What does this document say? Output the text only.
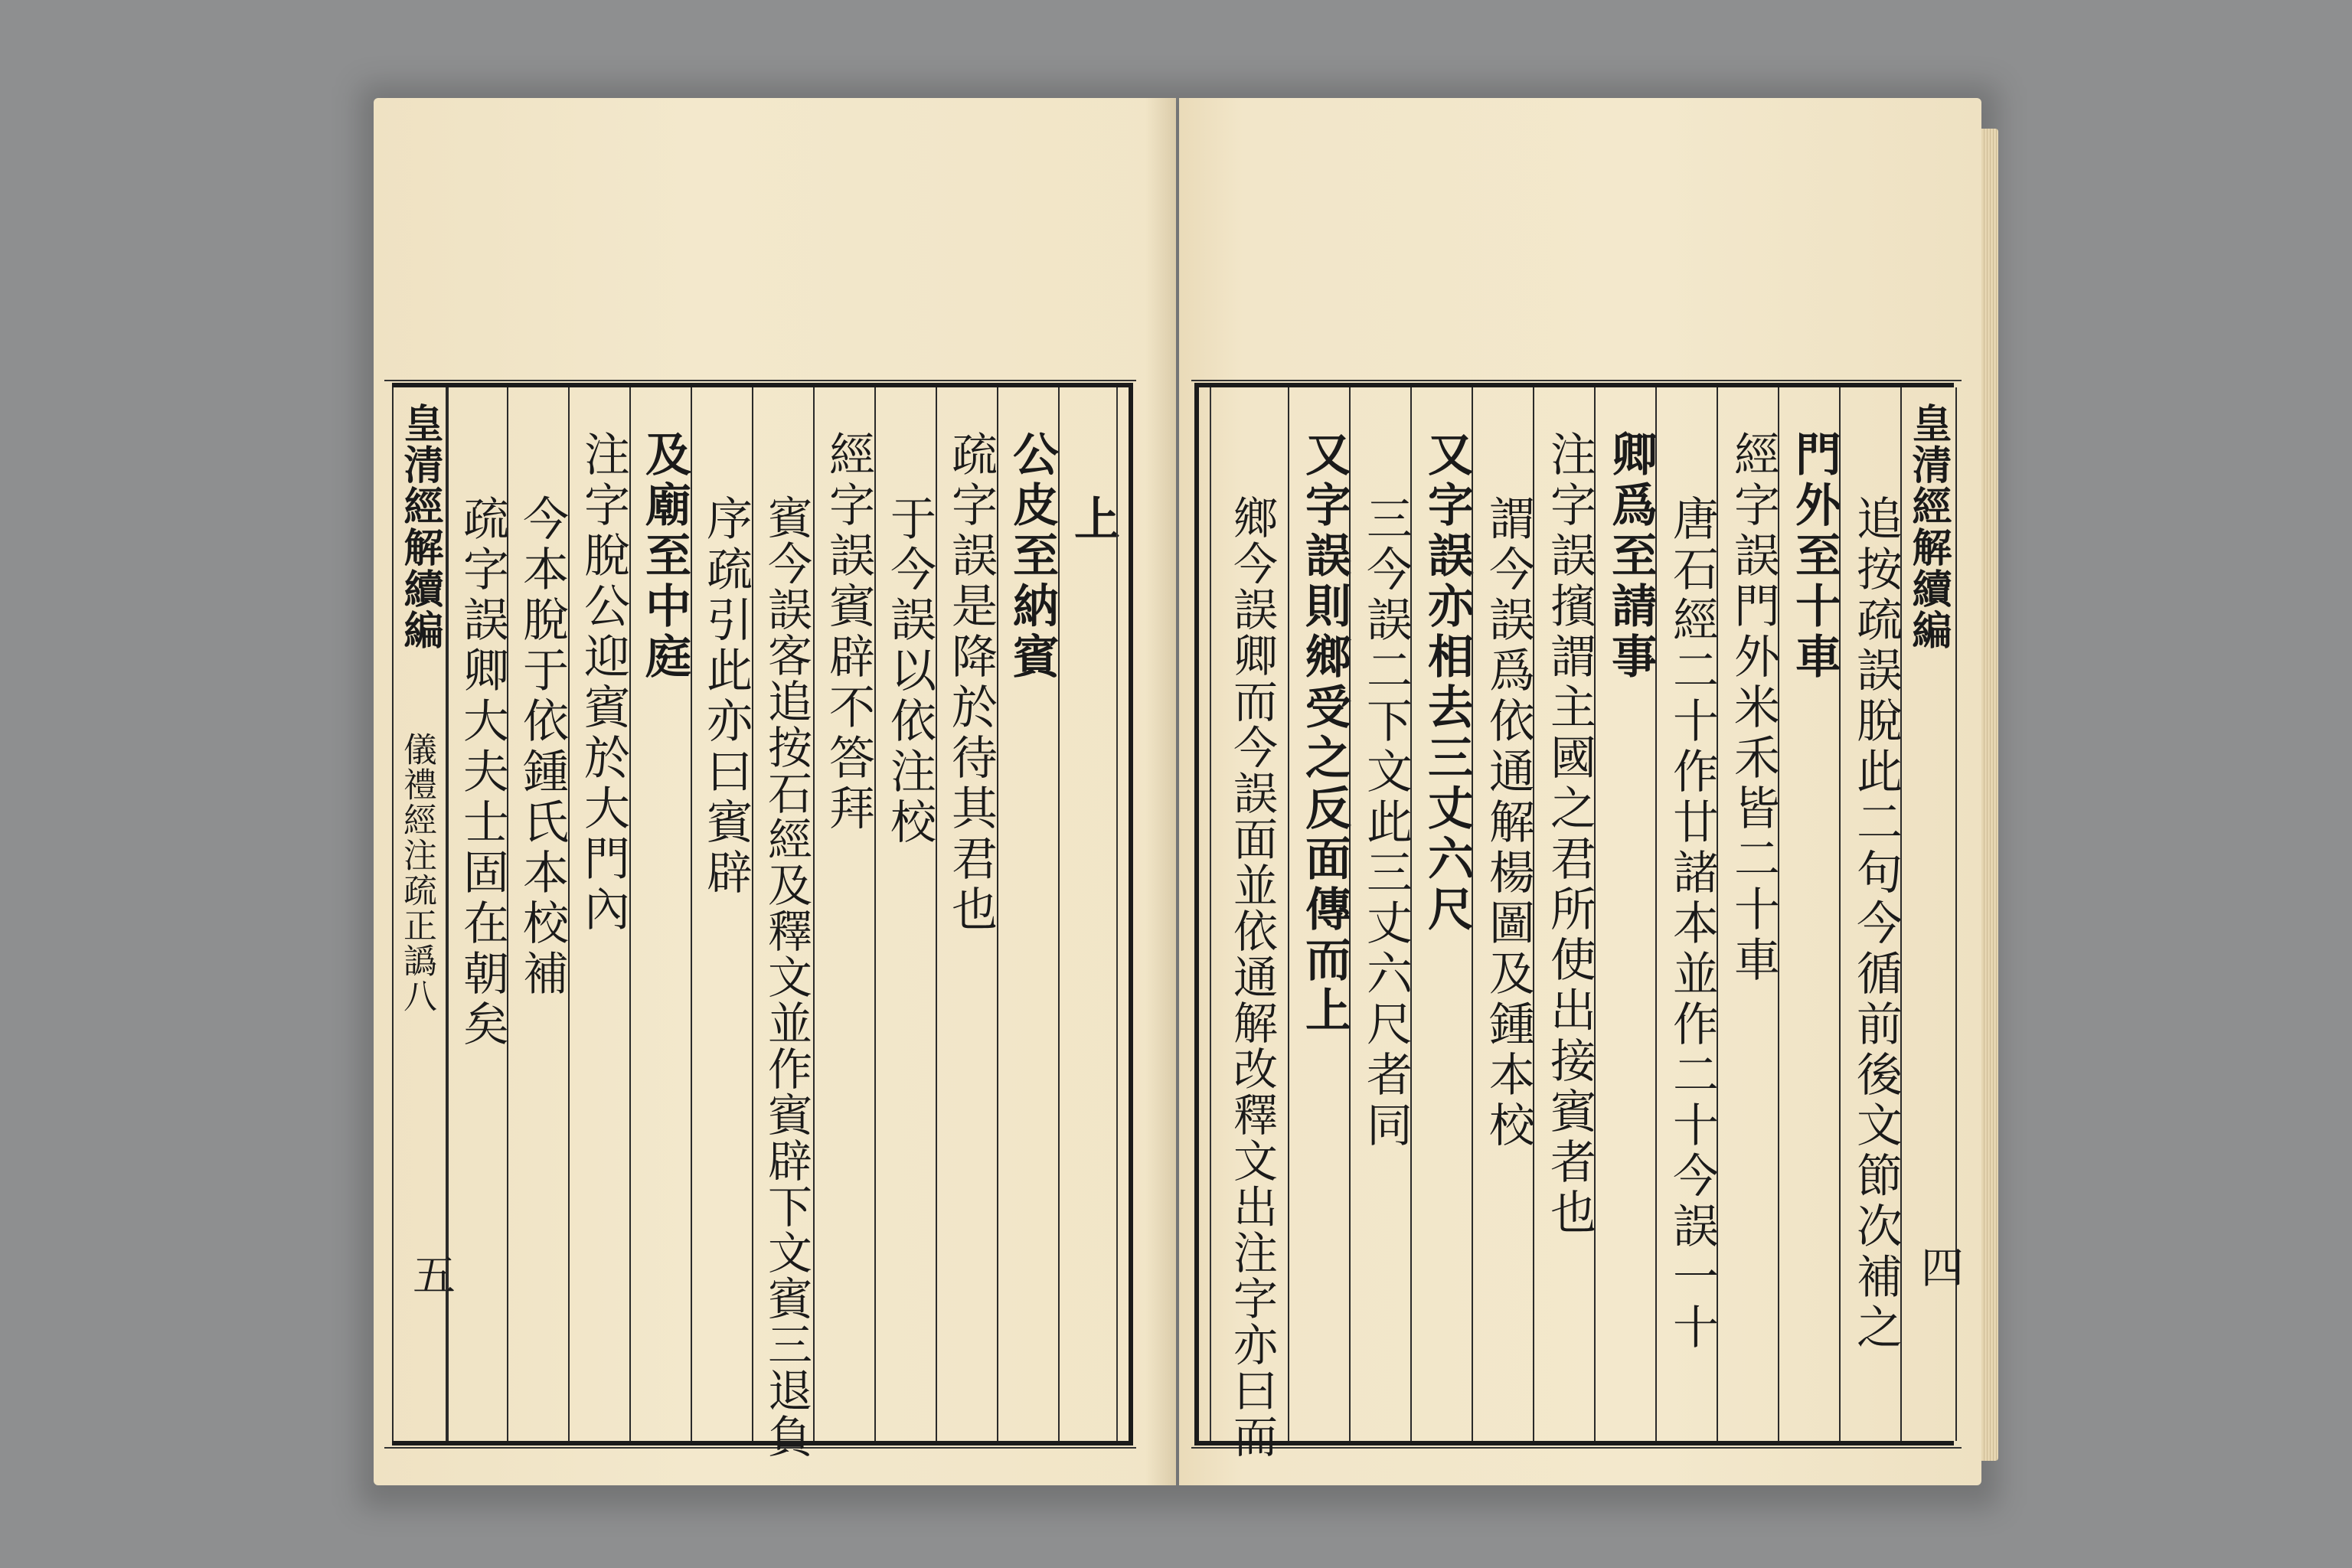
皇清經解續編
儀禮經注疏正譌八
五
疏字誤卿大夫士固在朝矣 今本脫于依鍾氏本校補 注字脫公迎賓於大門內 及廟至中庭 序疏引此亦曰賓辟 賓今誤客追按石經及釋文並作賓辟下文賓三退負 經字誤賓辟不答拜 于今誤以依注校 疏字誤是降於待其君也 公皮至納賓 上 鄉今誤卿而今誤面並依通解改釋文出注字亦曰而 又字誤則鄉受之反面傳而上 三今誤二下文此三丈六尺者同 又字誤亦相去三丈六尺 謂今誤爲依通解楊圖及鍾本校 注字誤擯謂主國之君所使出接賓者也 卿爲至請事 唐石經二十作廿諸本並作二十今誤一十 經字誤門外米禾皆二十車 門外至十車 追按疏誤脫此二句今循前後文節次補之 皇清經解續編
四
